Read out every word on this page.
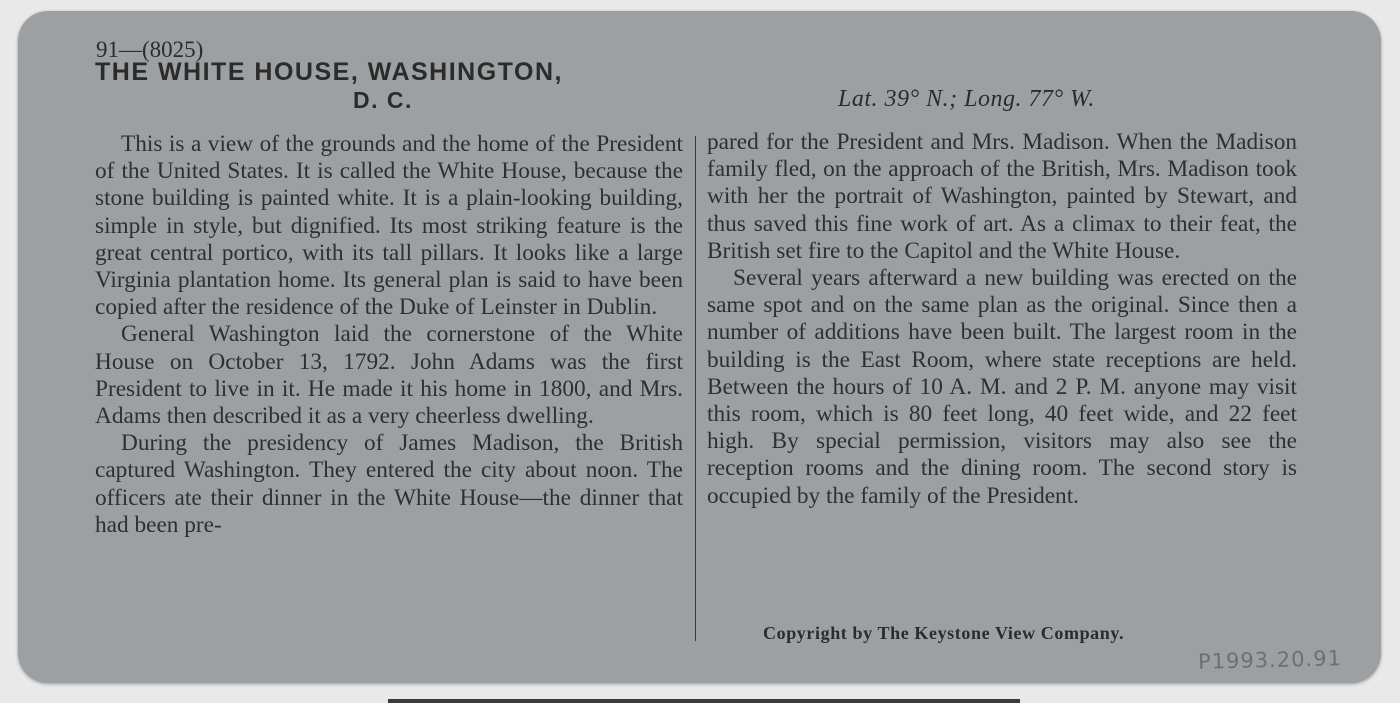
91—(8025)
THE WHITE HOUSE, WASHINGTON,
D. C.	Lat. 39° N.; Long. 77° W.

This is a view of the grounds and the home of the President of the United States. It is called the White House, because the stone building is painted white. It is a plain-looking building, simple in style, but dignified. Its most striking feature is the great central portico, with its tall pillars. It looks like a large Virginia plantation home. Its general plan is said to have been copied after the residence of the Duke of Leinster in Dublin.

General Washington laid the cornerstone of the White House on October 13, 1792. John Adams was the first President to live in it. He made it his home in 1800, and Mrs. Adams then described it as a very cheerless dwelling.

During the presidency of James Madison, the British captured Washington. They entered the city about noon. The officers ate their dinner in the White House—the dinner that had been pre-

pared for the President and Mrs. Madison. When the Madison family fled, on the approach of the British, Mrs. Madison took with her the portrait of Washington, painted by Stewart, and thus saved this fine work of art. As a climax to their feat, the British set fire to the Capitol and the White House.

Several years afterward a new building was erected on the same spot and on the same plan as the original. Since then a number of additions have been built. The largest room in the building is the East Room, where state receptions are held. Between the hours of 10 A. M. and 2 P. M. anyone may visit this room, which is 80 feet long, 40 feet wide, and 22 feet high. By special permission, visitors may also see the reception rooms and the dining room. The second story is occupied by the family of the President.

Copyright by The Keystone View Company.
P1993.20.91
